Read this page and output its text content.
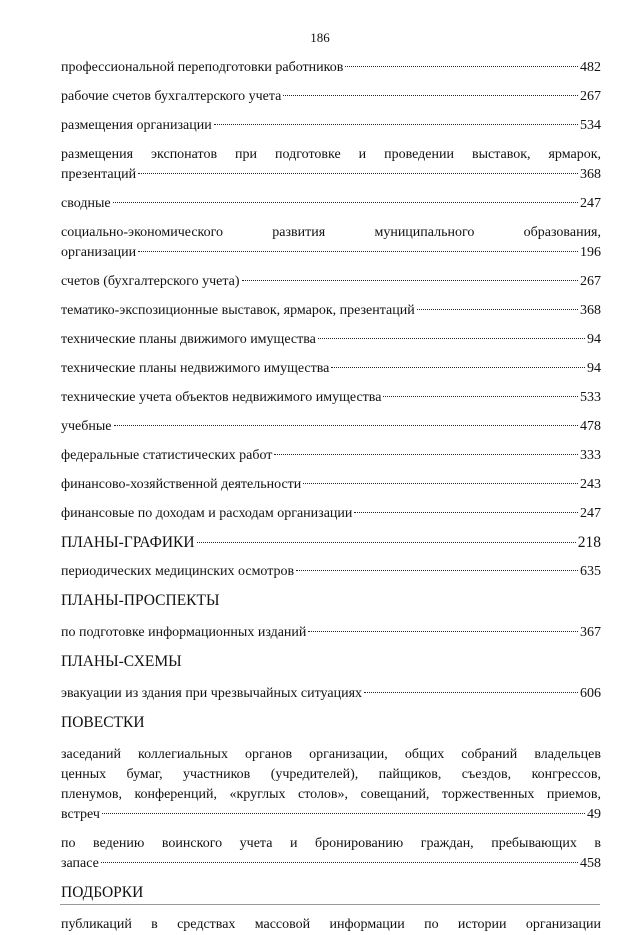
186
профессиональной переподготовки работников	482
рабочие счетов бухгалтерского учета	267
размещения организации	534
размещения экспонатов при подготовке и проведении выставок, ярмарок,
презентаций	368
сводные	247
социально-экономического развития муниципального образования,
организации	196
счетов (бухгалтерского учета)	267
тематико-экспозиционные выставок, ярмарок, презентаций	368
технические планы движимого имущества	94
технические планы недвижимого имущества	94
технические учета объектов недвижимого имущества	533
учебные	478
федеральные статистических работ	333
финансово-хозяйственной деятельности	243
финансовые по доходам и расходам организации	247
ПЛАНЫ-ГРАФИКИ	218
периодических медицинских осмотров	635
ПЛАНЫ-ПРОСПЕКТЫ
по подготовке информационных изданий	367
ПЛАНЫ-СХЕМЫ
эвакуации из здания при чрезвычайных ситуациях	606
ПОВЕСТКИ
заседаний коллегиальных органов организации, общих собраний владельцев
ценных бумаг, участников (учредителей), пайщиков, съездов, конгрессов,
пленумов, конференций, «круглых столов», совещаний, торжественных приемов,
встреч	49
по ведению воинского учета и бронированию граждан, пребывающих в
запасе	458
ПОДБОРКИ
публикаций в средствах массовой информации по истории организации
